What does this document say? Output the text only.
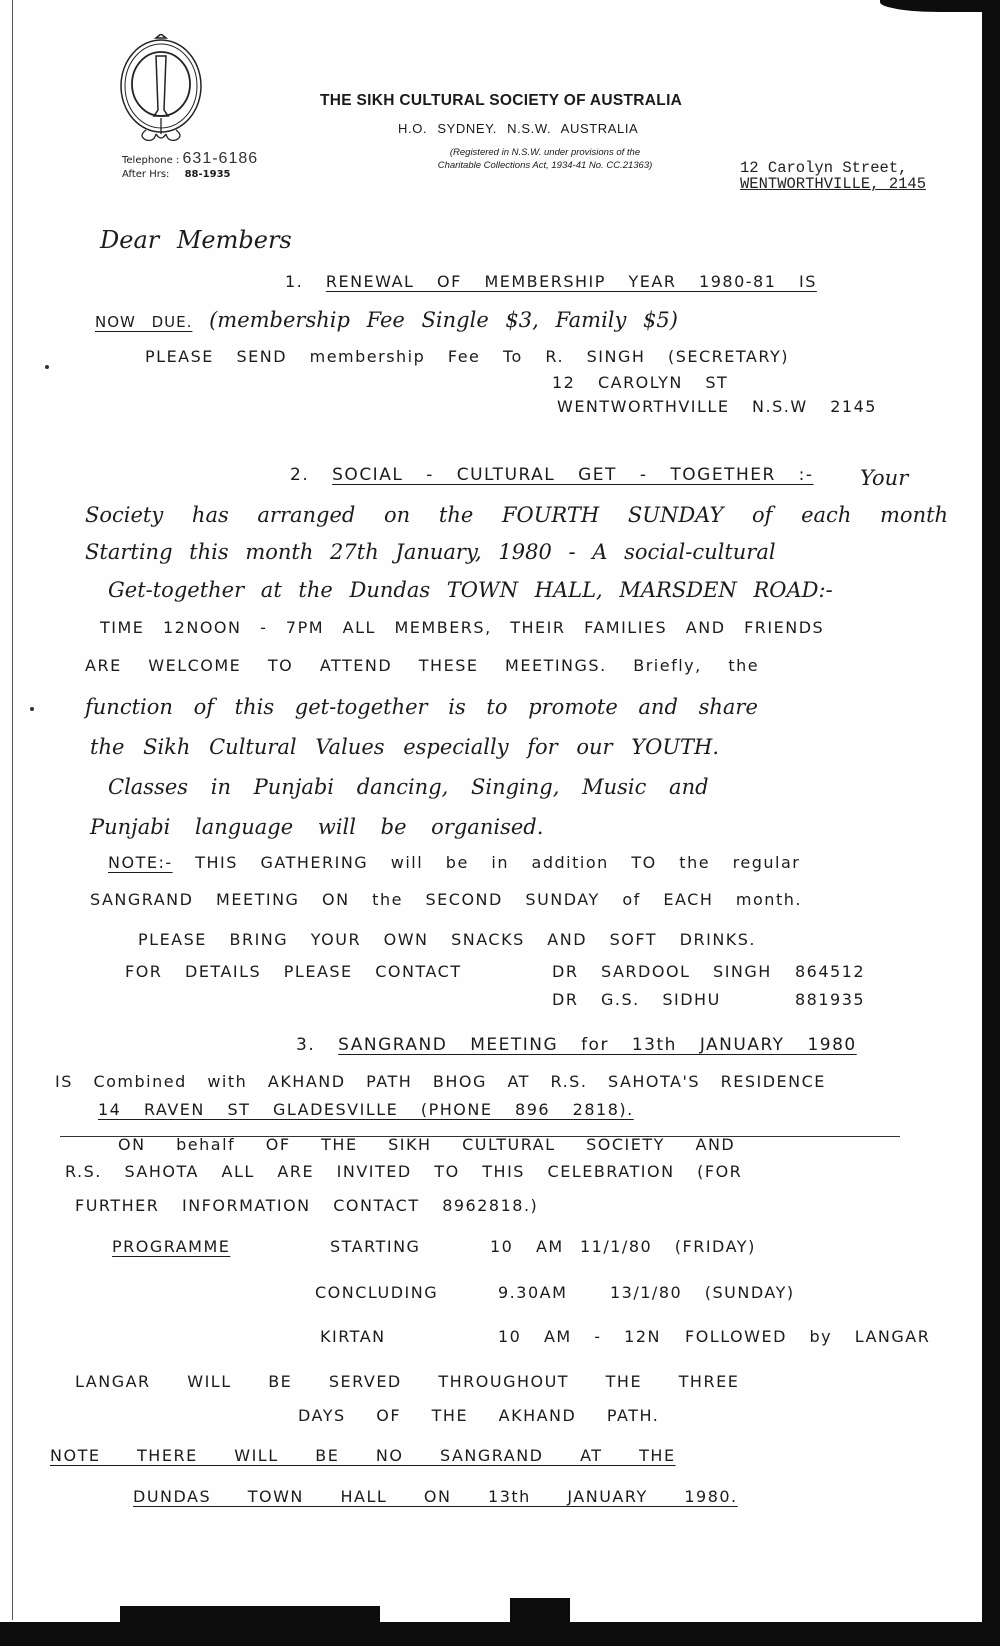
Telephone : 631-6186
After Hrs: 88-1935
THE SIKH CULTURAL SOCIETY OF AUSTRALIA
H.O. SYDNEY. N.S.W. AUSTRALIA
(Registered in N.S.W. under provisions of the
Charitable Collections Act, 1934-41 No. CC.21363)	12 Carolyn Street,
WENTWORTHVILLE, 2145
Dear Members
1. RENEWAL OF MEMBERSHIP YEAR 1980-81 IS
NOW DUE. (membership Fee Single $3, Family $5)
PLEASE SEND membership Fee To R. SINGH (SECRETARY)
12 CAROLYN ST
WENTWORTHVILLE N.S.W 2145
2. SOCIAL - CULTURAL GET - TOGETHER :- Your
Society has arranged on the FOURTH SUNDAY of each month
Starting this month 27th January, 1980 - A social-cultural
Get-together at the Dundas TOWN HALL, MARSDEN ROAD:-
TIME 12NOON - 7PM ALL MEMBERS, THEIR FAMILIES AND FRIENDS
ARE WELCOME TO ATTEND THESE MEETINGS. Briefly, the
function of this get-together is to promote and share
the Sikh Cultural Values especially for our YOUTH.
Classes in Punjabi dancing, Singing, Music and
Punjabi language will be organised.
NOTE:- THIS GATHERING will be in addition TO the regular
SANGRAND MEETING ON the SECOND SUNDAY of EACH month.
PLEASE BRING YOUR OWN SNACKS AND SOFT DRINKS.
FOR DETAILS PLEASE CONTACT	DR SARDOOL SINGH 864512
DR G.S. SIDHU	881935
3. SANGRAND MEETING for 13th JANUARY 1980
IS Combined with AKHAND PATH BHOG AT R.S. SAHOTA'S RESIDENCE
14 RAVEN ST GLADESVILLE (PHONE 896 2818).
ON behalf OF THE SIKH CULTURAL SOCIETY AND
R.S. SAHOTA ALL ARE INVITED TO THIS CELEBRATION (FOR
FURTHER INFORMATION CONTACT 8962818.)
PROGRAMME	STARTING	10 AM 11/1/80 (FRIDAY)
CONCLUDING	9.30AM	13/1/80 (SUNDAY)
KIRTAN	10 AM - 12N FOLLOWED by LANGAR
LANGAR WILL BE SERVED THROUGHOUT THE THREE
DAYS OF THE AKHAND PATH.
NOTE THERE WILL BE NO SANGRAND AT THE
DUNDAS TOWN HALL ON 13th JANUARY 1980.
